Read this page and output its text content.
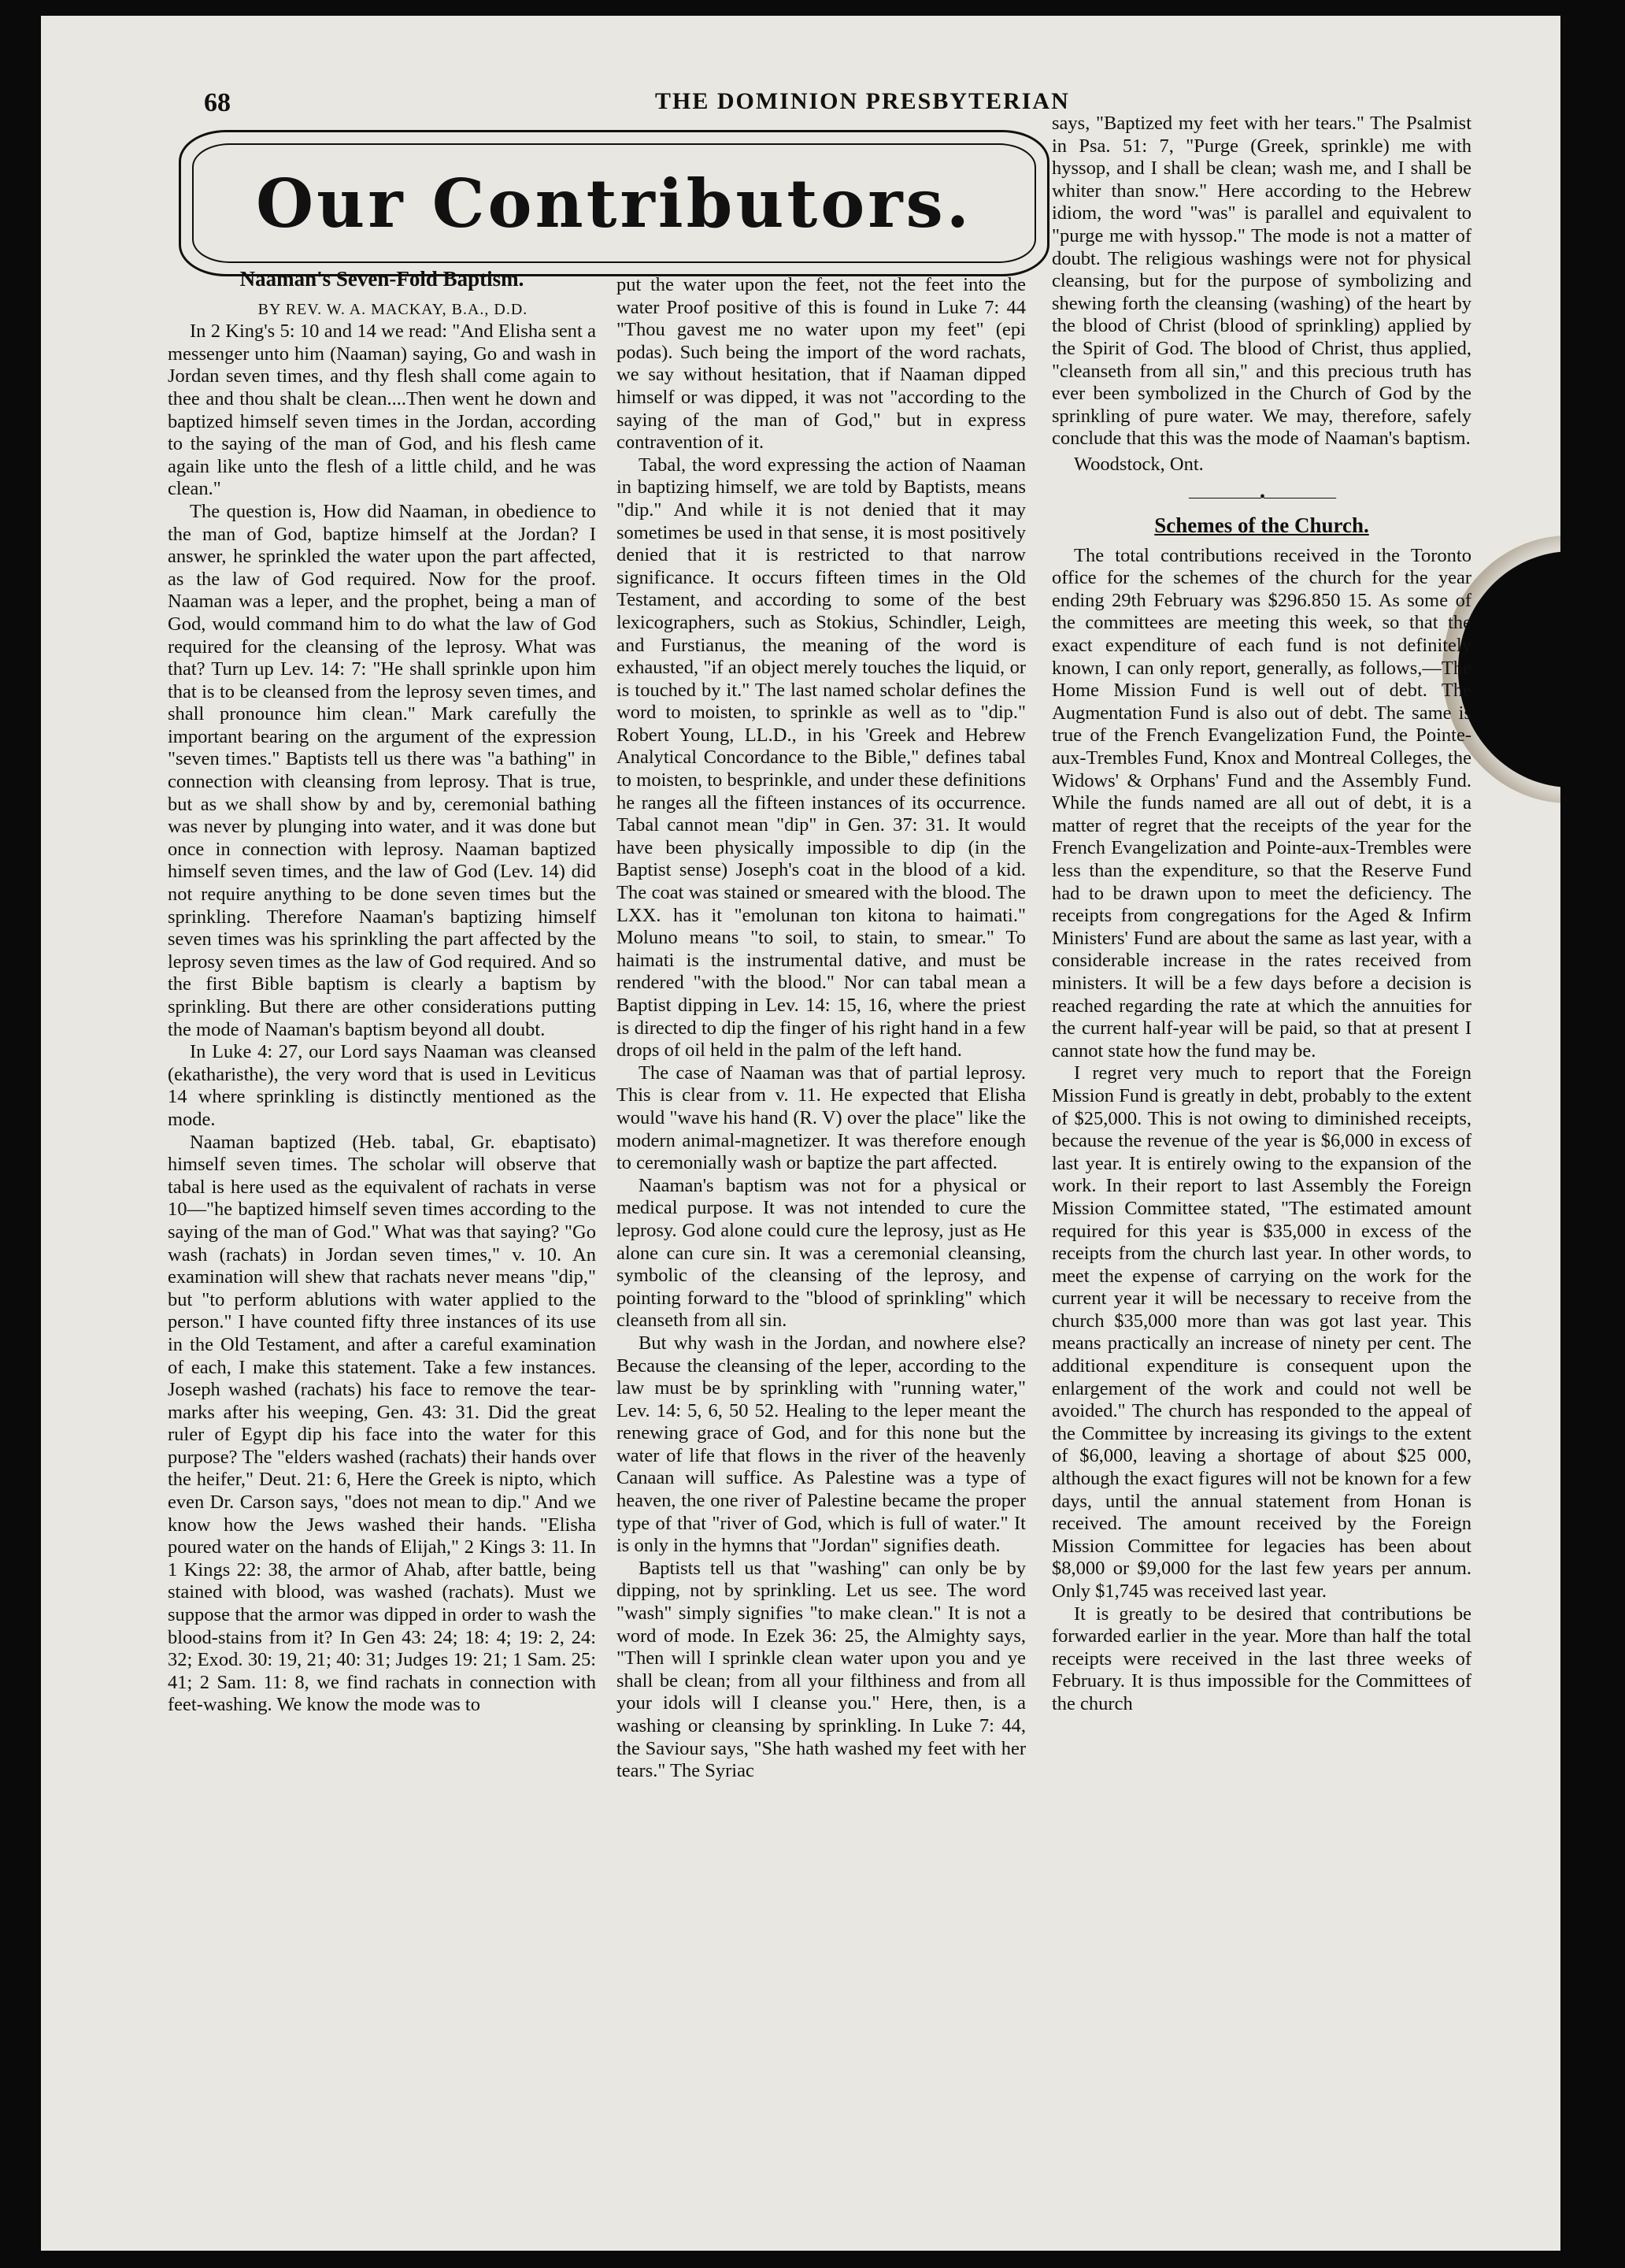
68	THE DOMINION PRESBYTERIAN
Our Contributors.
Naaman's Seven-Fold Baptism.

BY REV. W. A. MACKAY, B.A., D.D.

In 2 King's 5: 10 and 14 we read: "And Elisha sent a messenger unto him (Naaman) saying, Go and wash in Jordan seven times, and thy flesh shall come again to thee and thou shalt be clean....Then went he down and baptized himself seven times in the Jordan, according to the saying of the man of God, and his flesh came again like unto the flesh of a little child, and he was clean."

The question is, How did Naaman, in obedience to the man of God, baptize himself at the Jordan? I answer, he sprinkled the water upon the part affected, as the law of God required. Now for the proof. Naaman was a leper, and the prophet, being a man of God, would command him to do what the law of God required for the cleansing of the leprosy. What was that? Turn up Lev. 14: 7: "He shall sprinkle upon him that is to be cleansed from the leprosy seven times, and shall pronounce him clean." Mark carefully the important bearing on the argument of the expression "seven times." Baptists tell us there was "a bathing" in connection with cleansing from leprosy. That is true, but as we shall show by and by, ceremonial bathing was never by plunging into water, and it was done but once in connection with leprosy. Naaman baptized himself seven times, and the law of God (Lev. 14) did not require anything to be done seven times but the sprinkling. Therefore Naaman's baptizing himself seven times was his sprinkling the part affected by the leprosy seven times as the law of God required. And so the first Bible baptism is clearly a baptism by sprinkling. But there are other considerations putting the mode of Naaman's baptism beyond all doubt.

In Luke 4: 27, our Lord says Naaman was cleansed (ekatharisthe), the very word that is used in Leviticus 14 where sprinkling is distinctly mentioned as the mode.

Naaman baptized (Heb. tabal, Gr. ebaptisato) himself seven times. The scholar will observe that tabal is here used as the equivalent of rachats in verse 10—"he baptized himself seven times according to the saying of the man of God." What was that saying? "Go wash (rachats) in Jordan seven times," v. 10. An examination will shew that rachats never means "dip," but "to perform ablutions with water applied to the person." I have counted fifty three instances of its use in the Old Testament, and after a careful examination of each, I make this statement. Take a few instances. Joseph washed (rachats) his face to remove the tear-marks after his weeping, Gen. 43: 31. Did the great ruler of Egypt dip his face into the water for this purpose? The "elders washed (rachats) their hands over the heifer," Deut. 21: 6, Here the Greek is nipto, which even Dr. Carson says, "does not mean to dip." And we know how the Jews washed their hands. "Elisha poured water on the hands of Elijah," 2 Kings 3: 11. In 1 Kings 22: 38, the armor of Ahab, after battle, being stained with blood, was washed (rachats). Must we suppose that the armor was dipped in order to wash the blood-stains from it? In Gen 43: 24; 18: 4; 19: 2, 24: 32; Exod. 30: 19, 21; 40: 31; Judges 19: 21; 1 Sam. 25: 41; 2 Sam. 11: 8, we find rachats in connection with feet-washing. We know the mode was to

put the water upon the feet, not the feet into the water Proof positive of this is found in Luke 7: 44 "Thou gavest me no water upon my feet" (epi podas). Such being the import of the word rachats, we say without hesitation, that if Naaman dipped himself or was dipped, it was not "according to the saying of the man of God," but in express contravention of it.

Tabal, the word expressing the action of Naaman in baptizing himself, we are told by Baptists, means "dip." And while it is not denied that it may sometimes be used in that sense, it is most positively denied that it is restricted to that narrow significance. It occurs fifteen times in the Old Testament, and according to some of the best lexicographers, such as Stokius, Schindler, Leigh, and Furstianus, the meaning of the word is exhausted, "if an object merely touches the liquid, or is touched by it." The last named scholar defines the word to moisten, to sprinkle as well as to "dip." Robert Young, LL.D., in his 'Greek and Hebrew Analytical Concordance to the Bible," defines tabal to moisten, to besprinkle, and under these definitions he ranges all the fifteen instances of its occurrence. Tabal cannot mean "dip" in Gen. 37: 31. It would have been physically impossible to dip (in the Baptist sense) Joseph's coat in the blood of a kid. The coat was stained or smeared with the blood. The LXX. has it "emolunan ton kitona to haimati." Moluno means "to soil, to stain, to smear." To haimati is the instrumental dative, and must be rendered "with the blood." Nor can tabal mean a Baptist dipping in Lev. 14: 15, 16, where the priest is directed to dip the finger of his right hand in a few drops of oil held in the palm of the left hand.

The case of Naaman was that of partial leprosy. This is clear from v. 11. He expected that Elisha would "wave his hand (R. V) over the place" like the modern animal-magnetizer. It was therefore enough to ceremonially wash or baptize the part affected.

Naaman's baptism was not for a physical or medical purpose. It was not intended to cure the leprosy. God alone could cure the leprosy, just as He alone can cure sin. It was a ceremonial cleansing, symbolic of the cleansing of the leprosy, and pointing forward to the "blood of sprinkling" which cleanseth from all sin.

But why wash in the Jordan, and nowhere else? Because the cleansing of the leper, according to the law must be by sprinkling with "running water," Lev. 14: 5, 6, 50 52. Healing to the leper meant the renewing grace of God, and for this none but the water of life that flows in the river of the heavenly Canaan will suffice. As Palestine was a type of heaven, the one river of Palestine became the proper type of that "river of God, which is full of water." It is only in the hymns that "Jordan" signifies death.

Baptists tell us that "washing" can only be by dipping, not by sprinkling. Let us see. The word "wash" simply signifies "to make clean." It is not a word of mode. In Ezek 36: 25, the Almighty says, "Then will I sprinkle clean water upon you and ye shall be clean; from all your filthiness and from all your idols will I cleanse you." Here, then, is a washing or cleansing by sprinkling. In Luke 7: 44, the Saviour says, "She hath washed my feet with her tears." The Syriac

says, "Baptized my feet with her tears." The Psalmist in Psa. 51: 7, "Purge (Greek, sprinkle) me with hyssop, and I shall be clean; wash me, and I shall be whiter than snow." Here according to the Hebrew idiom, the word "was" is parallel and equivalent to "purge me with hyssop." The mode is not a matter of doubt. The religious washings were not for physical cleansing, but for the purpose of symbolizing and shewing forth the cleansing (washing) of the heart by the blood of Christ (blood of sprinkling) applied by the Spirit of God. The blood of Christ, thus applied, "cleanseth from all sin," and this precious truth has ever been symbolized in the Church of God by the sprinkling of pure water. We may, therefore, safely conclude that this was the mode of Naaman's baptism.

Woodstock, Ont.

—————•—————
Schemes of the Church.

The total contributions received in the Toronto office for the schemes of the church for the year ending 29th February was $296.850 15. As some of the committees are meeting this week, so that the exact expenditure of each fund is not definitely known, I can only report, generally, as follows,—The Home Mission Fund is well out of debt. The Augmentation Fund is also out of debt. The same is true of the French Evangelization Fund, the Pointe-aux-Trembles Fund, Knox and Montreal Colleges, the Widows' & Orphans' Fund and the Assembly Fund. While the funds named are all out of debt, it is a matter of regret that the receipts of the year for the French Evangelization and Pointe-aux-Trembles were less than the expenditure, so that the Reserve Fund had to be drawn upon to meet the deficiency. The receipts from congregations for the Aged & Infirm Ministers' Fund are about the same as last year, with a considerable increase in the rates received from ministers. It will be a few days before a decision is reached regarding the rate at which the annuities for the current half-year will be paid, so that at present I cannot state how the fund may be.

I regret very much to report that the Foreign Mission Fund is greatly in debt, probably to the extent of $25,000. This is not owing to diminished receipts, because the revenue of the year is $6,000 in excess of last year. It is entirely owing to the expansion of the work. In their report to last Assembly the Foreign Mission Committee stated, "The estimated amount required for this year is $35,000 in excess of the receipts from the church last year. In other words, to meet the expense of carrying on the work for the current year it will be necessary to receive from the church $35,000 more than was got last year. This means practically an increase of ninety per cent. The additional expenditure is consequent upon the enlargement of the work and could not well be avoided." The church has responded to the appeal of the Committee by increasing its givings to the extent of $6,000, leaving a shortage of about $25 000, although the exact figures will not be known for a few days, until the annual statement from Honan is received. The amount received by the Foreign Mission Committee for legacies has been about $8,000 or $9,000 for the last few years per annum. Only $1,745 was received last year.

It is greatly to be desired that contributions be forwarded earlier in the year. More than half the total receipts were received in the last three weeks of February. It is thus impossible for the Committees of the church
